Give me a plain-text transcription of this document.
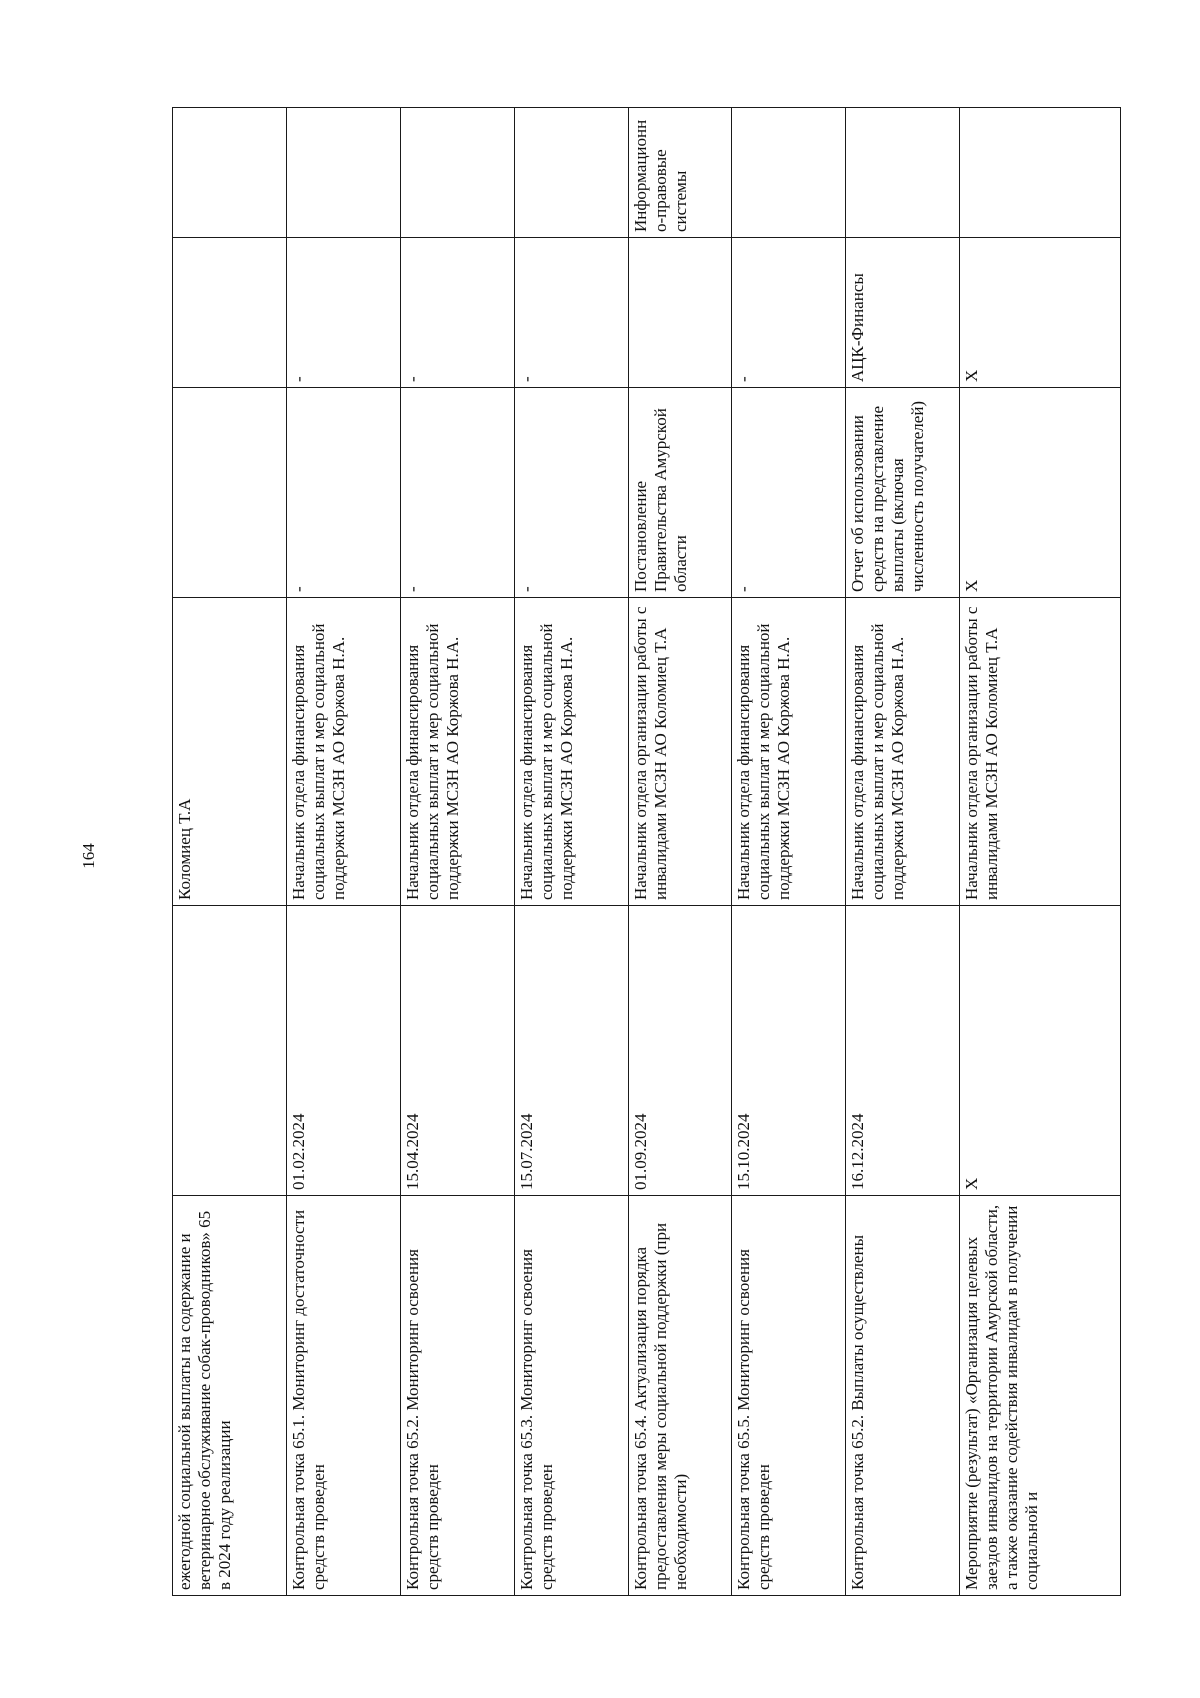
164
ежегодной социальной выплаты на содержание и ветеринарное обслуживание собак-проводников» 65 в 2024 году реализации		Коломиец Т.А			
Контрольная точка 65.1. Мониторинг достаточности средств проведен	01.02.2024	Начальник отдела финансирования социальных выплат и мер социальной поддержки МСЗН АО Коржова Н.А.	-	-	
Контрольная точка 65.2. Мониторинг освоения средств проведен	15.04.2024	Начальник отдела финансирования социальных выплат и мер социальной поддержки МСЗН АО Коржова Н.А.	-	-	
Контрольная точка 65.3. Мониторинг освоения средств проведен	15.07.2024	Начальник отдела финансирования социальных выплат и мер социальной поддержки МСЗН АО Коржова Н.А.	-	-	
Контрольная точка 65.4. Актуализация порядка предоставления меры социальной поддержки (при необходимости)	01.09.2024	Начальник отдела организации работы с инвалидами МСЗН АО Коломиец Т.А	Постановление Правительства Амурской области		Информационн о-правовые системы
Контрольная точка 65.5. Мониторинг освоения средств проведен	15.10.2024	Начальник отдела финансирования социальных выплат и мер социальной поддержки МСЗН АО Коржова Н.А.	-	-	
Контрольная точка 65.2. Выплаты осуществлены	16.12.2024	Начальник отдела финансирования социальных выплат и мер социальной поддержки МСЗН АО Коржова Н.А.	Отчет об использовании средств на представление выплаты (включая численность получателей)	АЦК-Финансы	
Мероприятие (результат) «Организация целевых заездов инвалидов на территории Амурской области, а также оказание содействия инвалидам в получении социальной и	Х	Начальник отдела организации работы с инвалидами МСЗН АО Коломиец Т.А	Х	Х	
